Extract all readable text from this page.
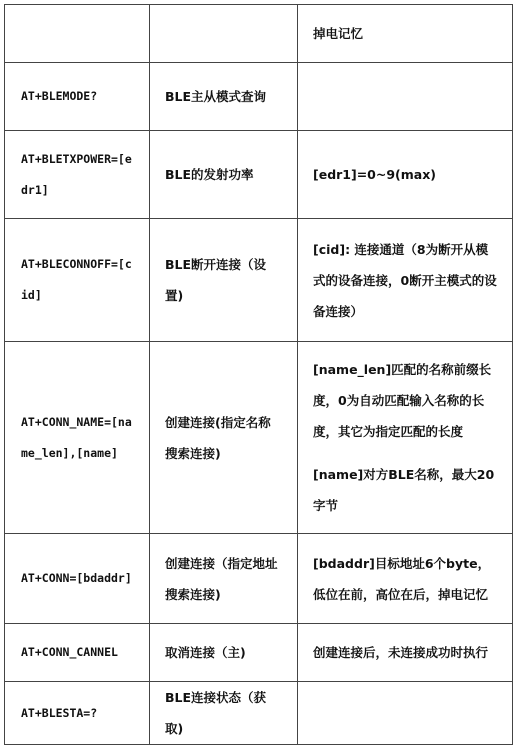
		掉电记忆
AT+BLEMODE?	BLE主从模式查询	
AT+BLETXPOWER=[edr1]	BLE的发射功率	[edr1]=0~9(max)

AT+BLECONNOFF=[cid]	BLE断开连接（设置)	[cid]: 连接通道（8为断开从模式的设备连接，0断开主模式的设备连接）

AT+CONN_NAME=[name_len],[name]	创建连接(指定名称搜索连接)	[name_len]匹配的名称前缀长度，0为自动匹配输入名称的长度，其它为指定匹配的长度
[name]对方BLE名称，最大20字节

AT+CONN=[bdaddr]	创建连接（指定地址搜索连接)	[bdaddr]目标地址6个byte，低位在前，高位在后，掉电记忆

AT+CONN_CANNEL	取消连接（主)	创建连接后，未连接成功时执行

AT+BLESTA=?	BLE连接状态（获取)	
